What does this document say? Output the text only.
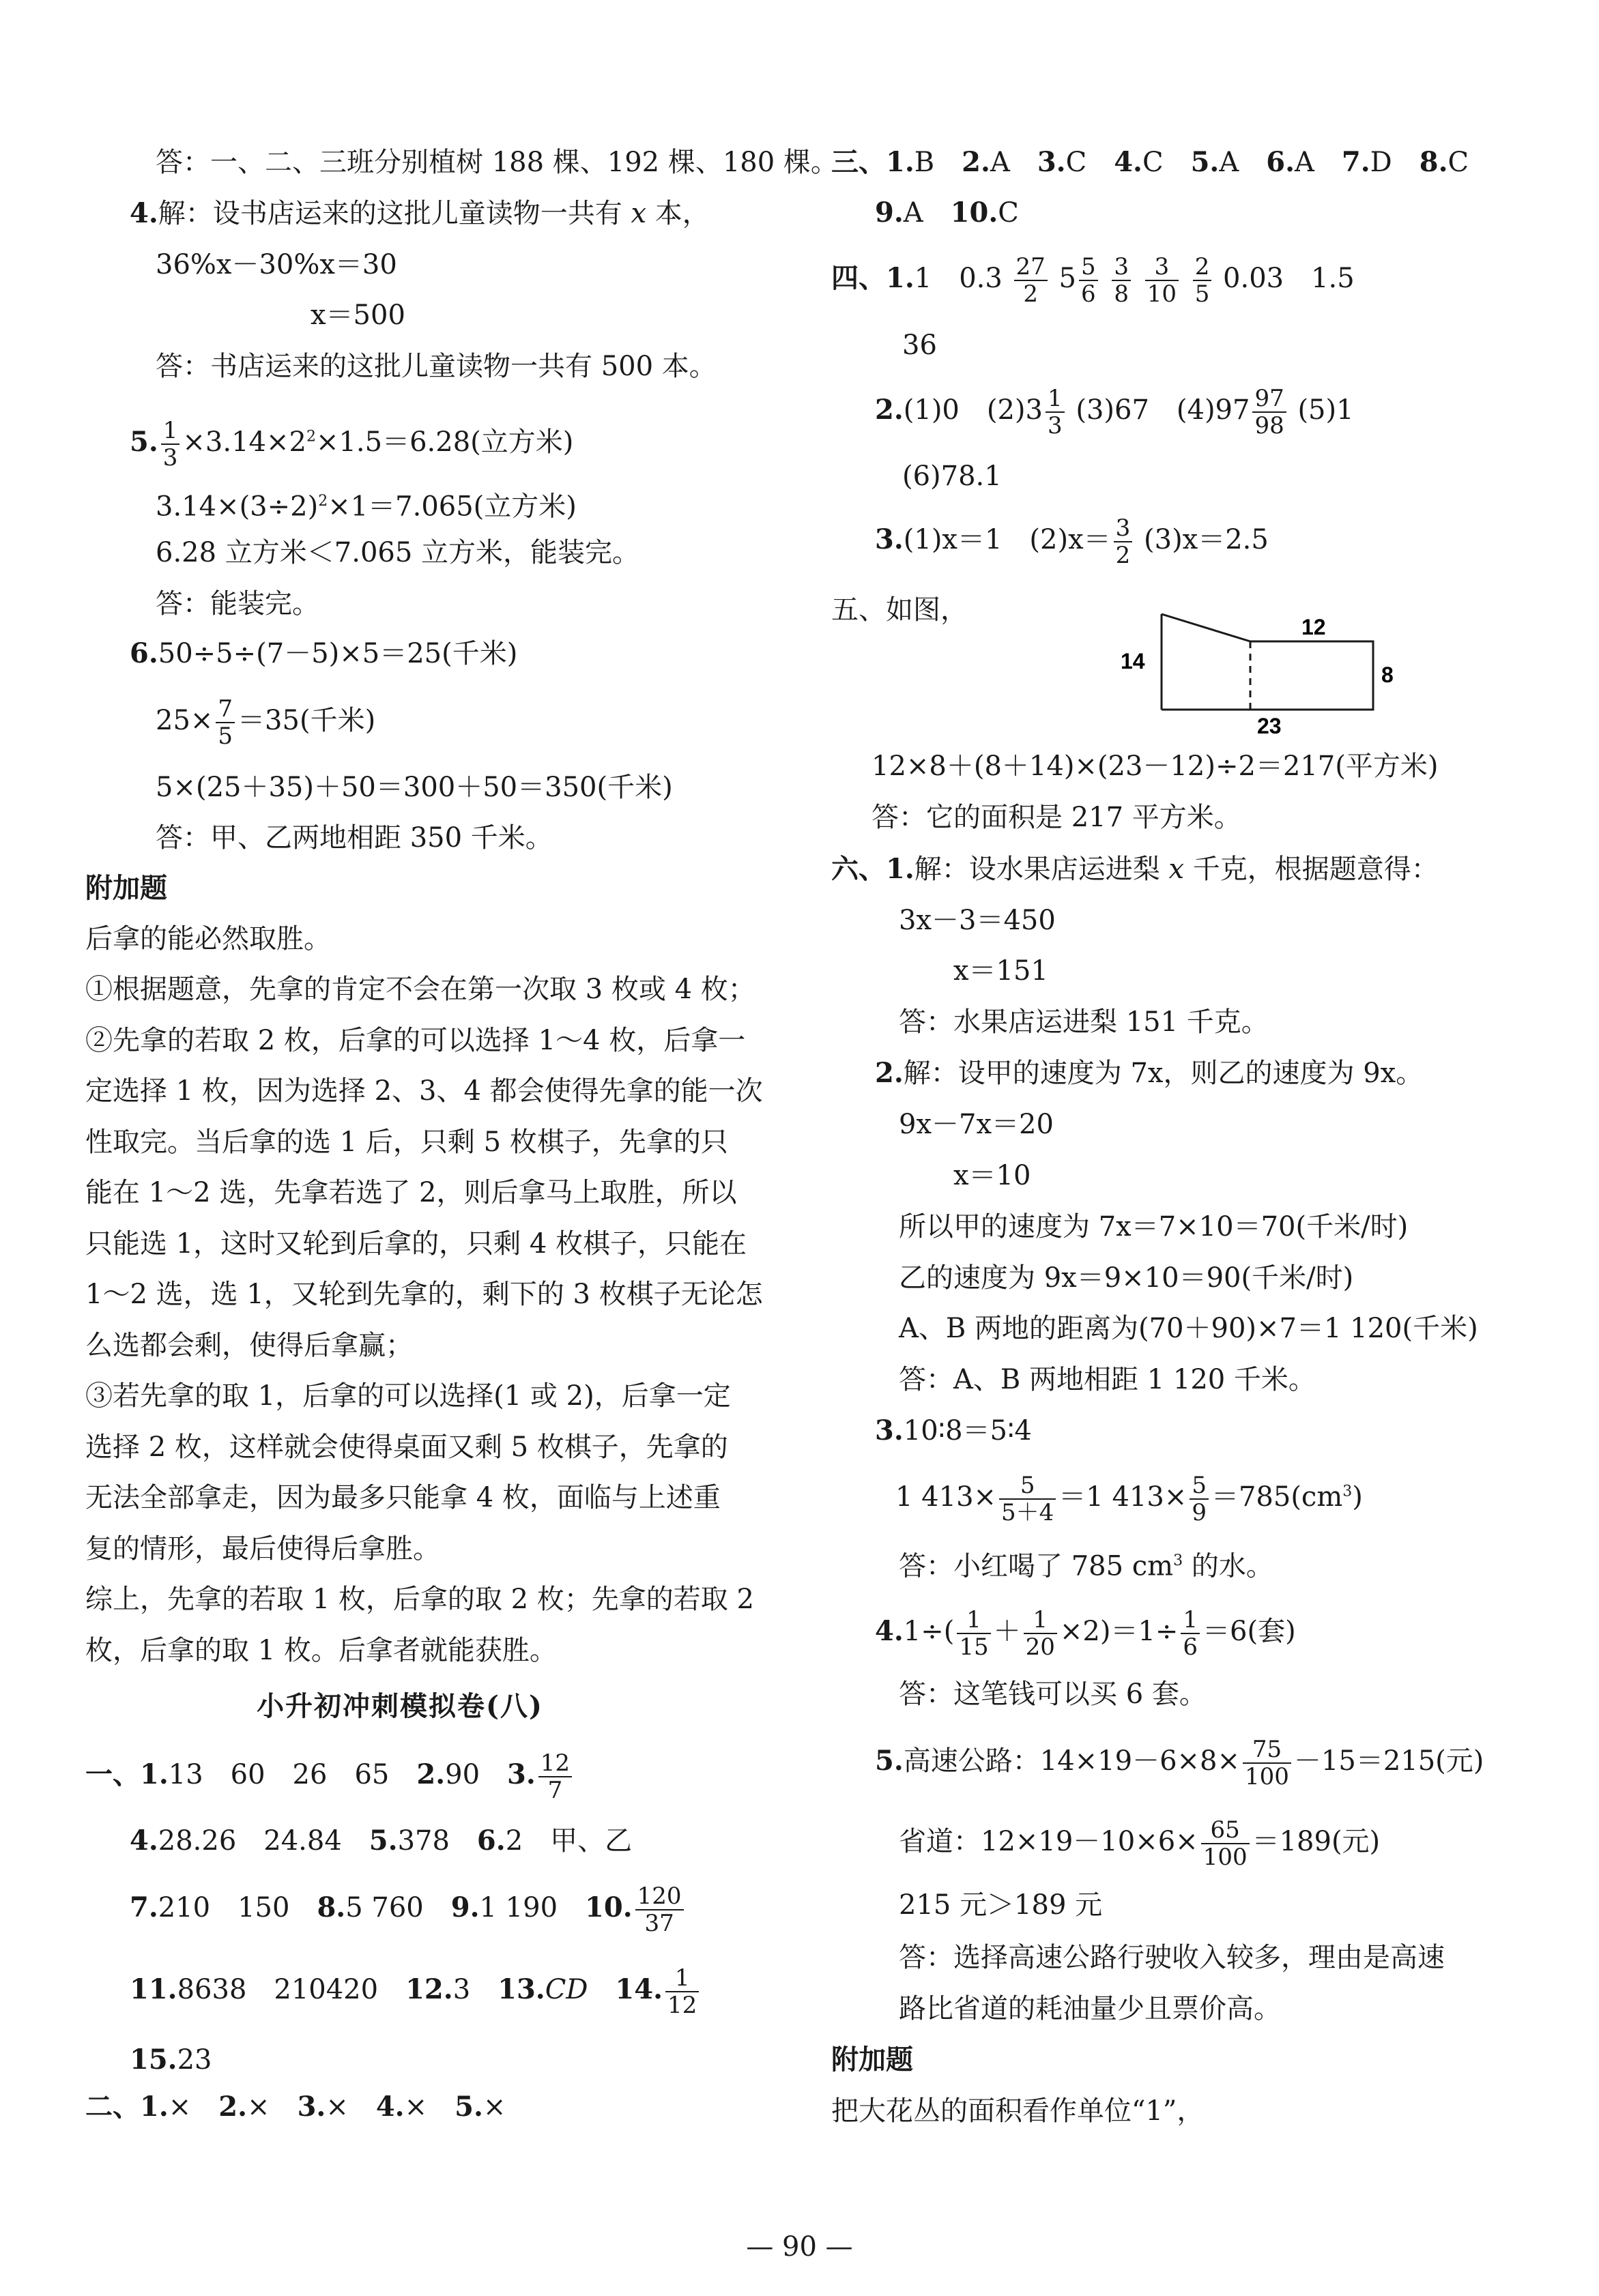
答：一、二、三班分别植树 188 棵、192 棵、180 棵。
4.解：设书店运来的这批儿童读物一共有 x 本，
36%x－30%x＝30
x＝500
答：书店运来的这批儿童读物一共有 500 本。
5. $\frac{1}{3} \times 3.14\times 2^2\times 1.5=6.28$(立方米)
$3.14\times(3\div 2)^2\times 1=7.065$(立方米)
6.28 立方米＜7.065 立方米，能装完。
答：能装完。
6.50÷5÷(7－5)×5＝25(千米)
$25\times \frac{7}{5} =35$(千米)
5×(25＋35)＋50＝300＋50＝350(千米)
答：甲、乙两地相距 350 千米。
附加题
后拿的能必然取胜。
①根据题意，先拿的肯定不会在第一次取 3 枚或 4 枚；
②先拿的若取 2 枚，后拿的可以选择 1～4 枚，后拿一
定选择 1 枚，因为选择 2、3、4 都会使得先拿的能一次
性取完。当后拿的选 1 后，只剩 5 枚棋子，先拿的只
能在 1～2 选，先拿若选了 2，则后拿马上取胜，所以
只能选 1，这时又轮到后拿的，只剩 4 枚棋子，只能在
1～2 选，选 1，又轮到先拿的，剩下的 3 枚棋子无论怎
么选都会剩，使得后拿赢；
③若先拿的取 1，后拿的可以选择(1 或 2)，后拿一定
选择 2 枚，这样就会使得桌面又剩 5 枚棋子，先拿的
无法全部拿走，因为最多只能拿 4 枚，面临与上述重
复的情形，最后使得后拿胜。
综上，先拿的若取 1 枚，后拿的取 2 枚；先拿的若取 2
枚，后拿的取 1 枚。后拿者就能获胜。
小升初冲刺模拟卷(八)
一、1.13　60　26　65　 2.90　 3. $\frac{12}{7}$
4.28.26　24.84　 5.378　 6.2　甲、乙
7.210　150　 8.5 760　 9.1 190　 10. $\frac{120}{37}$
11.8638　210420　 12.3　 13.CD　 14. $\frac{1}{12}$
15.23
二、1.×　 2.×　 3.×　 4.×　 5.×
三、1.B　 2.A　 3.C　 4.C　 5.A　 6.A　 7.D　 8.C
9.A　 10.C
四、1.1　$0.3 \frac{27}{2} 5 \frac{5}{6}$
$\frac{3}{8}$
$\frac{3}{10}$
$\frac{2}{5} 0.03$　1.5
36
2.(1)0　$(2)3 \frac{1}{3} (3)67$　$(4)97 \frac{97}{98} (5)1$
(6)78.1
3.(1)x＝1　$(2)x= \frac{3}{2} (3)x=2.5$
五、如图，
14
12
8
23
12×8＋(8＋14)×(23－12)÷2＝217(平方米)
答：它的面积是 217 平方米。
六、1.解：设水果店运进梨 x 千克，根据题意得：
3x－3＝450
x＝151
答：水果店运进梨 151 千克。
2.解：设甲的速度为 7x，则乙的速度为 9x。
9x－7x＝20
x＝10
所以甲的速度为 7x＝7×10＝70(千米/时)
乙的速度为 9x＝9×10＝90(千米/时)
A、B 两地的距离为(70＋90)×7＝1 120(千米)
答：A、B 两地相距 1 120 千米。
3.10∶8＝5∶4
1 $413\times \frac{5}{5+4} =1$ $413\times \frac{5}{9} =785(cm^3)$
答：小红喝了 785 $cm^3$ 的水。
$4.1\div( \frac{1}{15} + \frac{1}{20} \times 2)=1\div \frac{1}{6} =6$(套)
答：这笔钱可以买 6 套。
5.高速公路：$14\times 19-6\times 8\times \frac{75}{100} -15=215$(元)
省道：$12\times 19-10\times 6\times \frac{65}{100} =189$(元)
215 元＞189 元
答：选择高速公路行驶收入较多，理由是高速
路比省道的耗油量少且票价高。
附加题
把大花丛的面积看作单位“1”，
— 90 —
